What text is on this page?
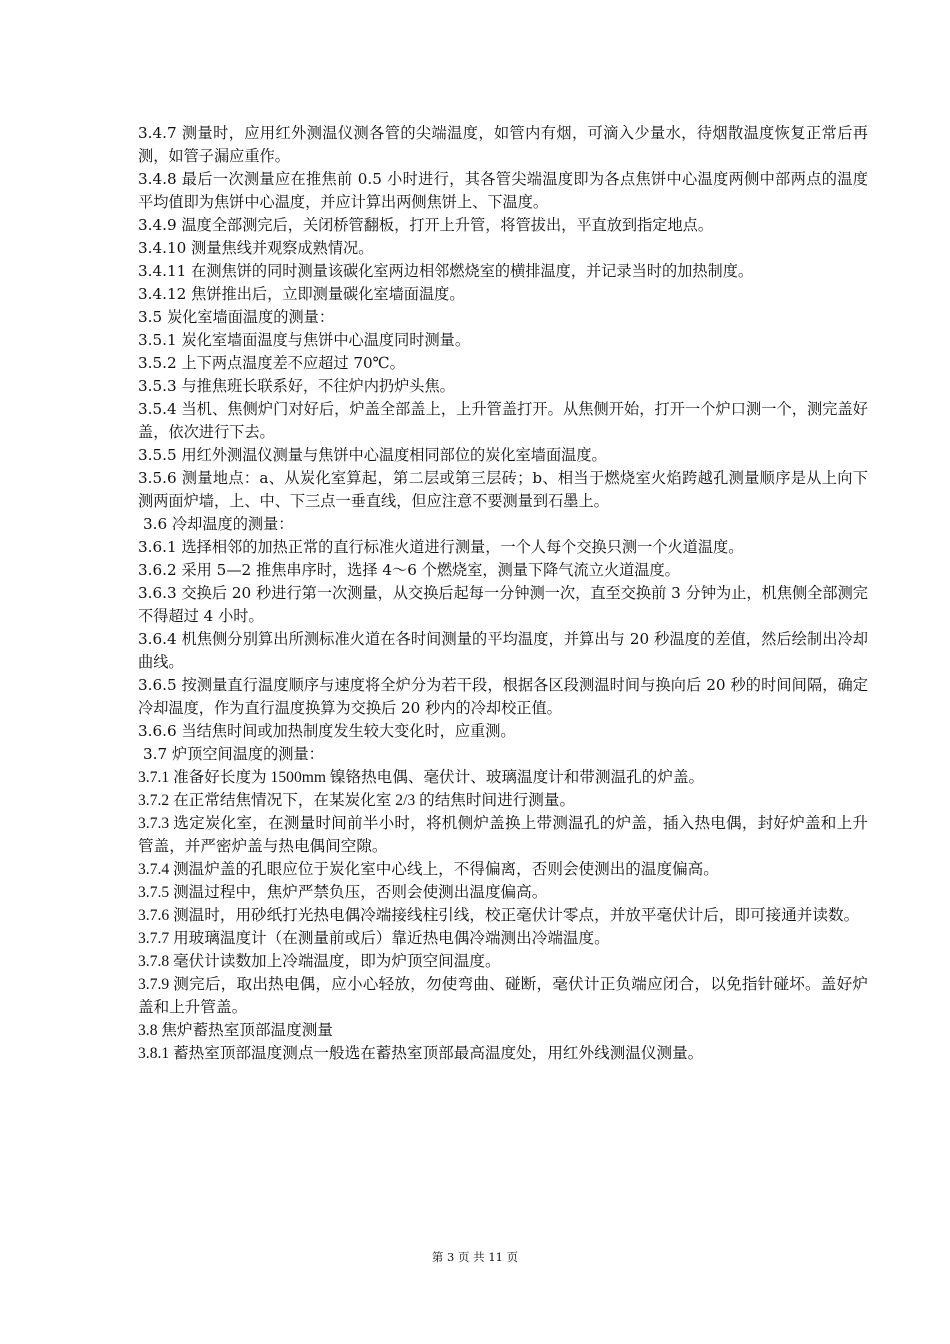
3.4.7 测量时，应用红外测温仪测各管的尖端温度，如管内有烟，可滴入少量水，待烟散温度恢复正常后再测，如管子漏应重作。

3.4.8 最后一次测量应在推焦前 0.5 小时进行，其各管尖端温度即为各点焦饼中心温度两侧中部两点的温度平均值即为焦饼中心温度，并应计算出两侧焦饼上、下温度。

3.4.9 温度全部测完后，关闭桥管翻板，打开上升管，将管拔出，平直放到指定地点。

3.4.10 测量焦线并观察成熟情况。

3.4.11 在测焦饼的同时测量该碳化室两边相邻燃烧室的横排温度，并记录当时的加热制度。

3.4.12 焦饼推出后，立即测量碳化室墙面温度。

3.5 炭化室墙面温度的测量：

3.5.1 炭化室墙面温度与焦饼中心温度同时测量。

3.5.2 上下两点温度差不应超过 70℃。

3.5.3 与推焦班长联系好，不往炉内扔炉头焦。

3.5.4 当机、焦侧炉门对好后，炉盖全部盖上，上升管盖打开。从焦侧开始，打开一个炉口测一个，测完盖好盖，依次进行下去。

3.5.5 用红外测温仪测量与焦饼中心温度相同部位的炭化室墙面温度。

3.5.6 测量地点：a、从炭化室算起，第二层或第三层砖；b、相当于燃烧室火焰跨越孔测量顺序是从上向下测两面炉墙，上、中、下三点一垂直线，但应注意不要测量到石墨上。

3.6 冷却温度的测量：

3.6.1 选择相邻的加热正常的直行标准火道进行测量，一个人每个交换只测一个火道温度。

3.6.2 采用 5—2 推焦串序时，选择 4～6 个燃烧室，测量下降气流立火道温度。

3.6.3 交换后 20 秒进行第一次测量，从交换后起每一分钟测一次，直至交换前 3 分钟为止，机焦侧全部测完不得超过 4 小时。

3.6.4 机焦侧分别算出所测标准火道在各时间测量的平均温度，并算出与 20 秒温度的差值，然后绘制出冷却曲线。

3.6.5 按测量直行温度顺序与速度将全炉分为若干段，根据各区段测温时间与换向后 20 秒的时间间隔，确定冷却温度，作为直行温度换算为交换后 20 秒内的冷却校正值。

3.6.6 当结焦时间或加热制度发生较大变化时，应重测。

3.7 炉顶空间温度的测量：

3.7.1 准备好长度为 1500mm 镍铬热电偶、毫伏计、玻璃温度计和带测温孔的炉盖。

3.7.2 在正常结焦情况下，在某炭化室 2/3 的结焦时间进行测量。

3.7.3 选定炭化室，在测量时间前半小时，将机侧炉盖换上带测温孔的炉盖，插入热电偶，封好炉盖和上升管盖，并严密炉盖与热电偶间空隙。

3.7.4 测温炉盖的孔眼应位于炭化室中心线上，不得偏离，否则会使测出的温度偏高。

3.7.5 测温过程中，焦炉严禁负压，否则会使测出温度偏高。

3.7.6 测温时，用砂纸打光热电偶冷端接线柱引线，校正毫伏计零点，并放平毫伏计后，即可接通并读数。

3.7.7 用玻璃温度计（在测量前或后）靠近热电偶冷端测出冷端温度。

3.7.8 毫伏计读数加上冷端温度，即为炉顶空间温度。

3.7.9 测完后，取出热电偶，应小心轻放，勿使弯曲、碰断，毫伏计正负端应闭合，以免指针碰坏。盖好炉盖和上升管盖。

3.8 焦炉蓄热室顶部温度测量

3.8.1 蓄热室顶部温度测点一般选在蓄热室顶部最高温度处，用红外线测温仪测量。

第 3 页 共 11 页
